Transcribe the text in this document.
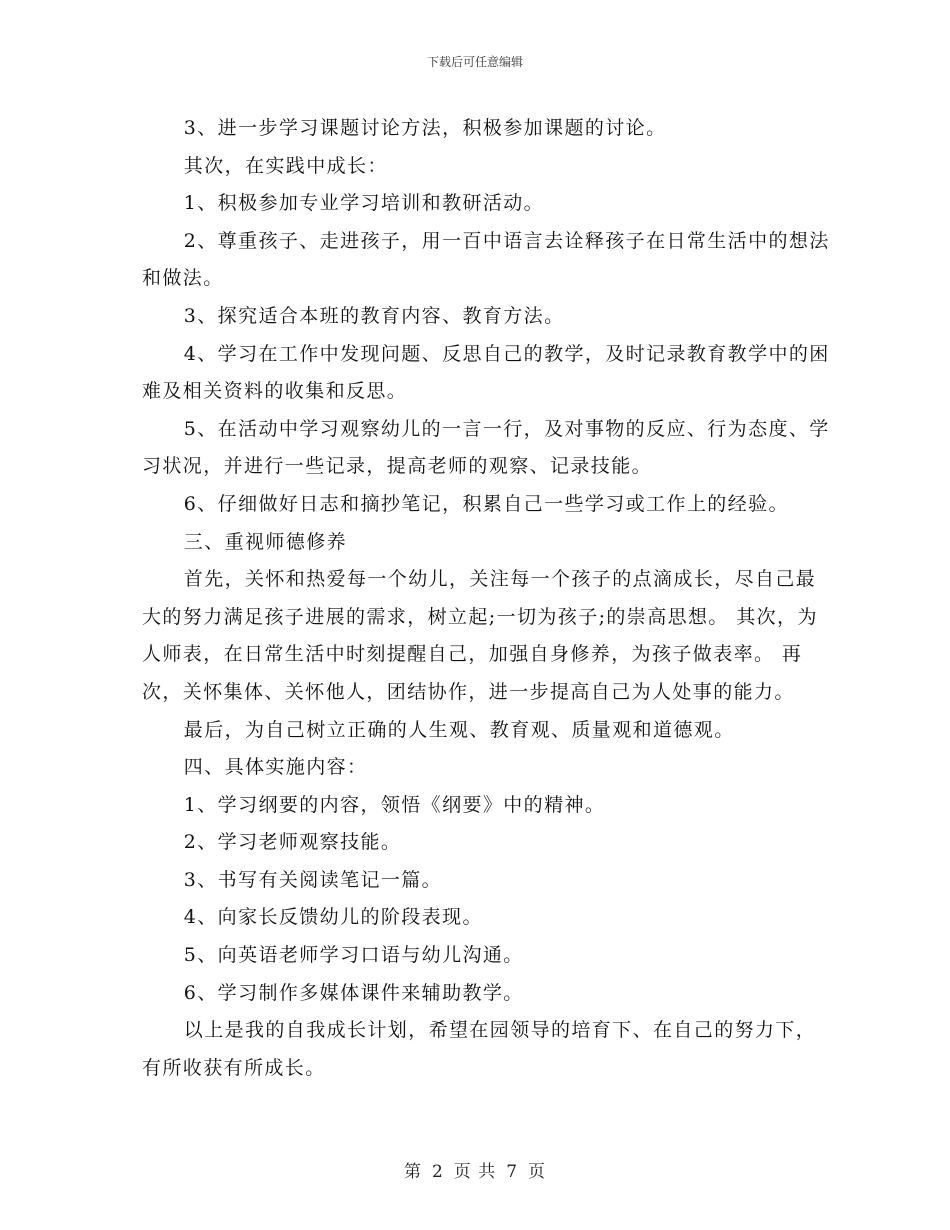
下载后可任意编辑

3、进一步学习课题讨论方法，积极参加课题的讨论。

其次，在实践中成长：

1、积极参加专业学习培训和教研活动。

2、尊重孩子、走进孩子，用一百中语言去诠释孩子在日常生活中的想法和做法。

3、探究适合本班的教育内容、教育方法。

4、学习在工作中发现问题、反思自己的教学，及时记录教育教学中的困难及相关资料的收集和反思。

5、在活动中学习观察幼儿的一言一行，及对事物的反应、行为态度、学习状况，并进行一些记录，提高老师的观察、记录技能。

6、仔细做好日志和摘抄笔记，积累自己一些学习或工作上的经验。

三、重视师德修养

首先，关怀和热爱每一个幼儿，关注每一个孩子的点滴成长，尽自己最大的努力满足孩子进展的需求，树立起;一切为孩子;的崇高思想。 其次，为人师表，在日常生活中时刻提醒自己，加强自身修养，为孩子做表率。 再次，关怀集体、关怀他人，团结协作，进一步提高自己为人处事的能力。

最后，为自己树立正确的人生观、教育观、质量观和道德观。

四、具体实施内容：

1、学习纲要的内容，领悟《纲要》中的精神。

2、学习老师观察技能。

3、书写有关阅读笔记一篇。

4、向家长反馈幼儿的阶段表现。

5、向英语老师学习口语与幼儿沟通。

6、学习制作多媒体课件来辅助教学。

以上是我的自我成长计划，希望在园领导的培育下、在自己的努力下，有所收获有所成长。

第 2 页 共 7 页
